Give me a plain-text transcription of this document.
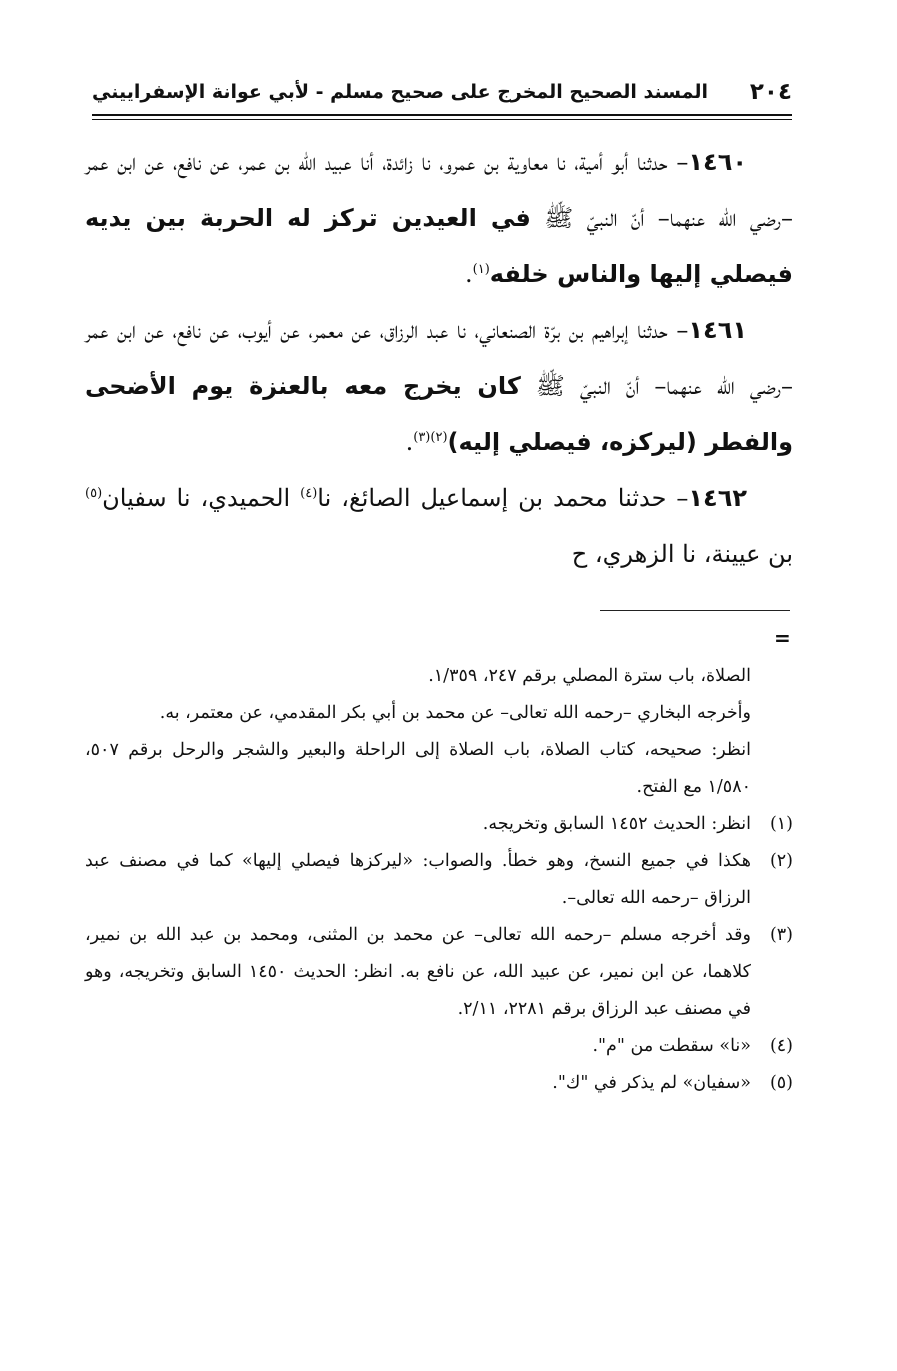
٢٠٤
المسند الصحيح المخرج على صحيح مسلم - لأبي عوانة الإسفراييني

١٤٦٠– حدثنا أبو أمية، نا معاوية بن عمرو، نا زائدة، أنا عبيد الله بن عمر، عن نافع، عن ابن عمر –رضي الله عنهما– أنّ النبيّ ﷺ في العيدين تركز له الحربة بين يديه فيصلي إليها والناس خلفه$^{(١)}$.

١٤٦١– حدثنا إبراهيم بن برّة الصنعاني، نا عبد الرزاق، عن معمر، عن أيوب، عن نافع، عن ابن عمر –رضي الله عنهما– أنّ النبيّ ﷺ كان يخرج معه بالعنزة يوم الأضحى والفطر (ليركزه، فيصلي إليه)$^{(٢)(٣)}$.

١٤٦٢– حدثنا محمد بن إسماعيل الصائغ، نا$^{(٤)}$ الحميدي، نا سفيان$^{(٥)}$ بن عيينة، نا الزهري، ح

=

الصلاة، باب سترة المصلي برقم ٢٤٧، ١/٣٥٩.

وأخرجه البخاري –رحمه الله تعالى– عن محمد بن أبي بكر المقدمي، عن معتمر، به.

انظر: صحيحه، كتاب الصلاة، باب الصلاة إلى الراحلة والبعير والشجر والرحل برقم ٥٠٧، ١/٥٨٠ مع الفتح.

(١)انظر: الحديث ١٤٥٢ السابق وتخريجه.

(٢)هكذا في جميع النسخ، وهو خطأ. والصواب: «ليركزها فيصلي إليها» كما في مصنف عبد الرزاق –رحمه الله تعالى–.

(٣)وقد أخرجه مسلم –رحمه الله تعالى– عن محمد بن المثنى، ومحمد بن عبد الله بن نمير، كلاهما، عن ابن نمير، عن عبيد الله، عن نافع به. انظر: الحديث ١٤٥٠ السابق وتخريجه، وهو في مصنف عبد الرزاق برقم ٢٢٨١، ٢/١١.

(٤)«نا» سقطت من "م".

(٥)«سفيان» لم يذكر في "ك".
